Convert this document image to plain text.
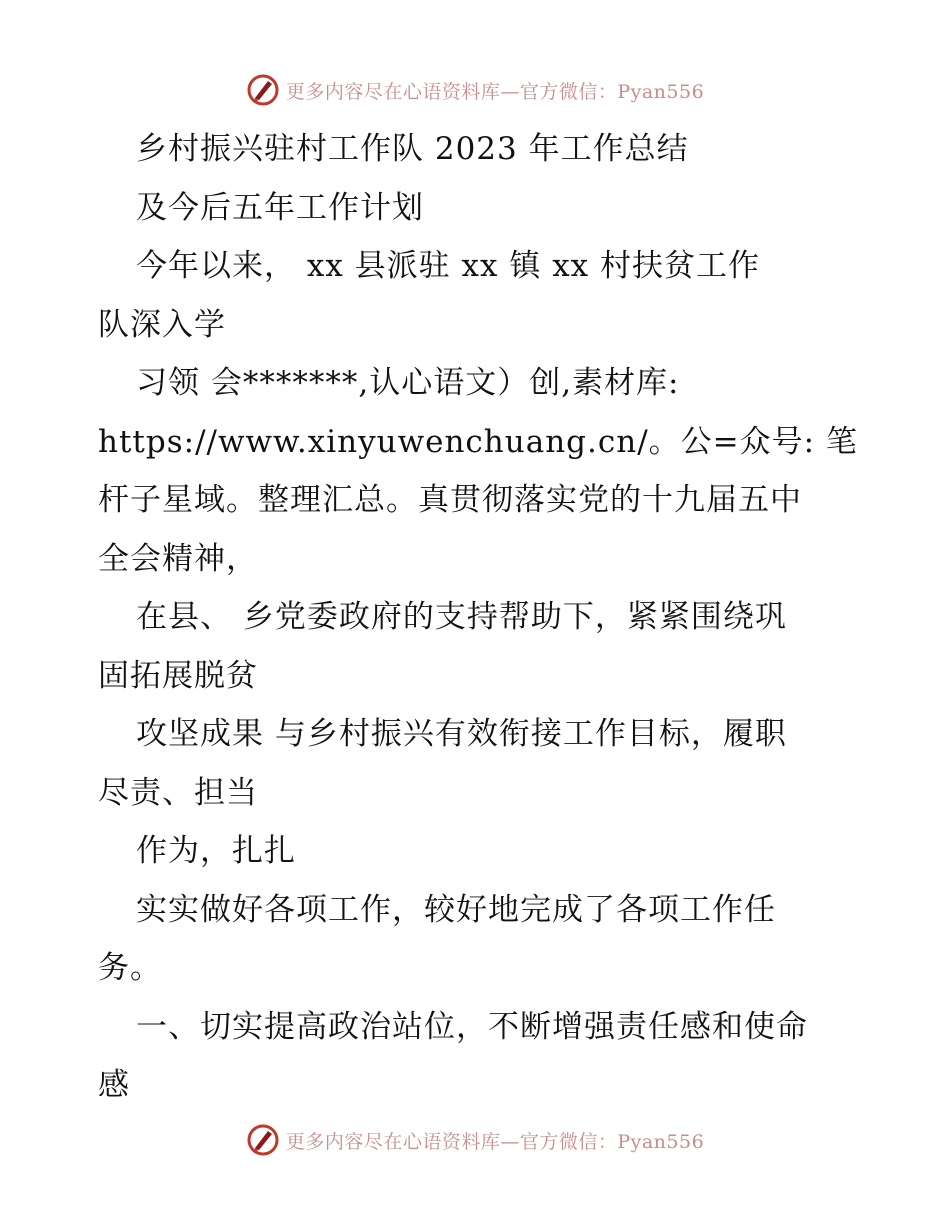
更多内容尽在心语资料库—官方微信：Pyan556
乡村振兴驻村工作队 2023 年工作总结
及今后五年工作计划
今年以来， xx 县派驻 xx 镇 xx 村扶贫工作
队深入学
习领 会*******,认心语文）创,素材库:
https://www.xinyuwenchuang.cn/。公=众号: 笔
杆子星域。整理汇总。真贯彻落实党的十九届五中
全会精神，
在县、 乡党委政府的支持帮助下，紧紧围绕巩
固拓展脱贫
攻坚成果 与乡村振兴有效衔接工作目标，履职
尽责、担当
作为，扎扎
实实做好各项工作，较好地完成了各项工作任
务。
一、切实提高政治站位，不断增强责任感和使命
感
更多内容尽在心语资料库—官方微信：Pyan556
